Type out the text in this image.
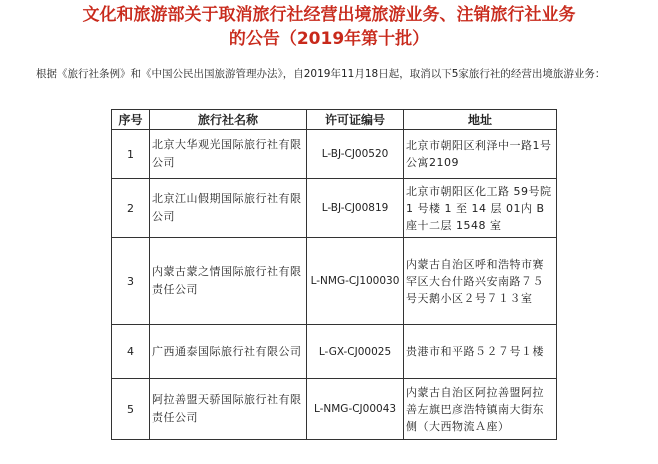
文化和旅游部关于取消旅行社经营出境旅游业务、注销旅行社业务
的公告（2019年第十批）
根据《旅行社条例》和《中国公民出国旅游管理办法》，自2019年11月18日起，取消以下5家旅行社的经营出境旅游业务：
序号	旅行社名称	许可证编号	地址
1	北京大华观光国际旅行社有限公司	L-BJ-CJ00520	北京市朝阳区利泽中一路1号公寓2109
2	北京江山假期国际旅行社有限公司	L-BJ-CJ00819	北京市朝阳区化工路 59号院 1 号楼 1 至 14 层 01内 B 座十二层 1548 室
3	内蒙古蒙之情国际旅行社有限责任公司	L-NMG-CJ100030	内蒙古自治区呼和浩特市赛罕区大台什路兴安南路７５号天鹅小区２号７１３室
4	广西通泰国际旅行社有限公司	L-GX-CJ00025	贵港市和平路５２７号１楼
5	阿拉善盟天骄国际旅行社有限责任公司	L-NMG-CJ00043	内蒙古自治区阿拉善盟阿拉善左旗巴彦浩特镇南大街东侧（大西物流Ａ座）
